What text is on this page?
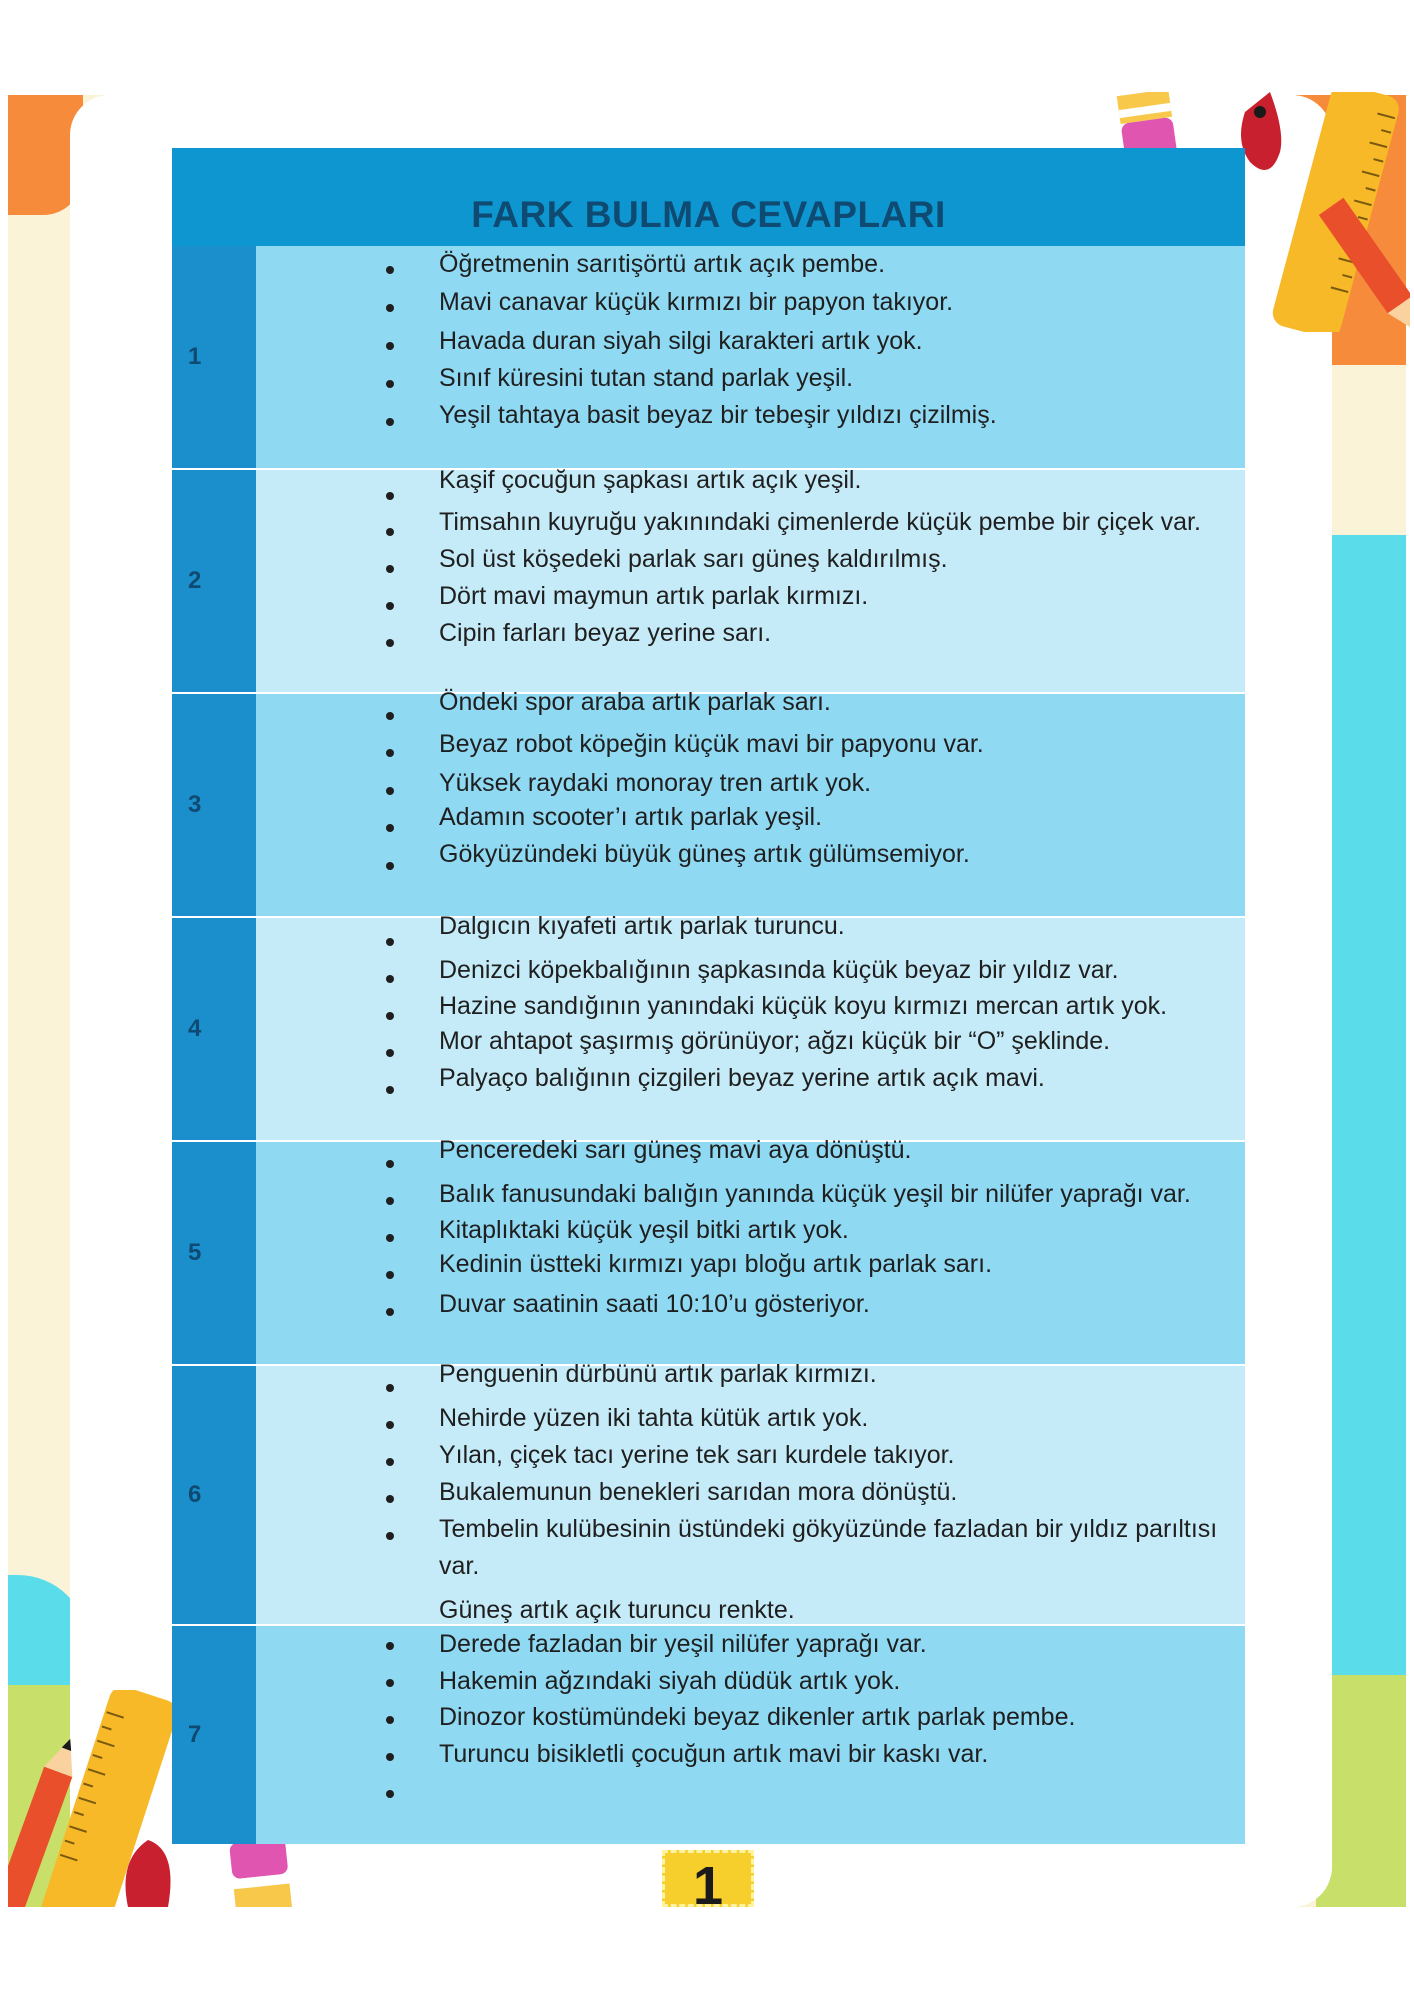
FARK BULMA CEVAPLARI
1
Öğretmenin sarıtişörtü artık açık pembe.
Mavi canavar küçük kırmızı bir papyon takıyor.
Havada duran siyah silgi karakteri artık yok.
Sınıf küresini tutan stand parlak yeşil.
Yeşil tahtaya basit beyaz bir tebeşir yıldızı çizilmiş.
2
Kaşif çocuğun şapkası artık açık yeşil.
Timsahın kuyruğu yakınındaki çimenlerde küçük pembe bir çiçek var.
Sol üst köşedeki parlak sarı güneş kaldırılmış.
Dört mavi maymun artık parlak kırmızı.
Cipin farları beyaz yerine sarı.
3
Öndeki spor araba artık parlak sarı.
Beyaz robot köpeğin küçük mavi bir papyonu var.
Yüksek raydaki monoray tren artık yok.
Adamın scooter’ı artık parlak yeşil.
Gökyüzündeki büyük güneş artık gülümsemiyor.
4
Dalgıcın kıyafeti artık parlak turuncu.
Denizci köpekbalığının şapkasında küçük beyaz bir yıldız var.
Hazine sandığının yanındaki küçük koyu kırmızı mercan artık yok.
Mor ahtapot şaşırmış görünüyor; ağzı küçük bir “O” şeklinde.
Palyaço balığının çizgileri beyaz yerine artık açık mavi.
5
Penceredeki sarı güneş mavi aya dönüştü.
Balık fanusundaki balığın yanında küçük yeşil bir nilüfer yaprağı var.
Kitaplıktaki küçük yeşil bitki artık yok.
Kedinin üstteki kırmızı yapı bloğu artık parlak sarı.
Duvar saatinin saati 10:10’u gösteriyor.
6
Penguenin dürbünü artık parlak kırmızı.
Nehirde yüzen iki tahta kütük artık yok.
Yılan, çiçek tacı yerine tek sarı kurdele takıyor.
Bukalemunun benekleri sarıdan mora dönüştü.
Tembelin kulübesinin üstündeki gökyüzünde fazladan bir yıldız parıltısı var.
Güneş artık açık turuncu renkte.
7
Derede fazladan bir yeşil nilüfer yaprağı var.
Hakemin ağzındaki siyah düdük artık yok.
Dinozor kostümündeki beyaz dikenler artık parlak pembe.
Turuncu bisikletli çocuğun artık mavi bir kaskı var.
1
